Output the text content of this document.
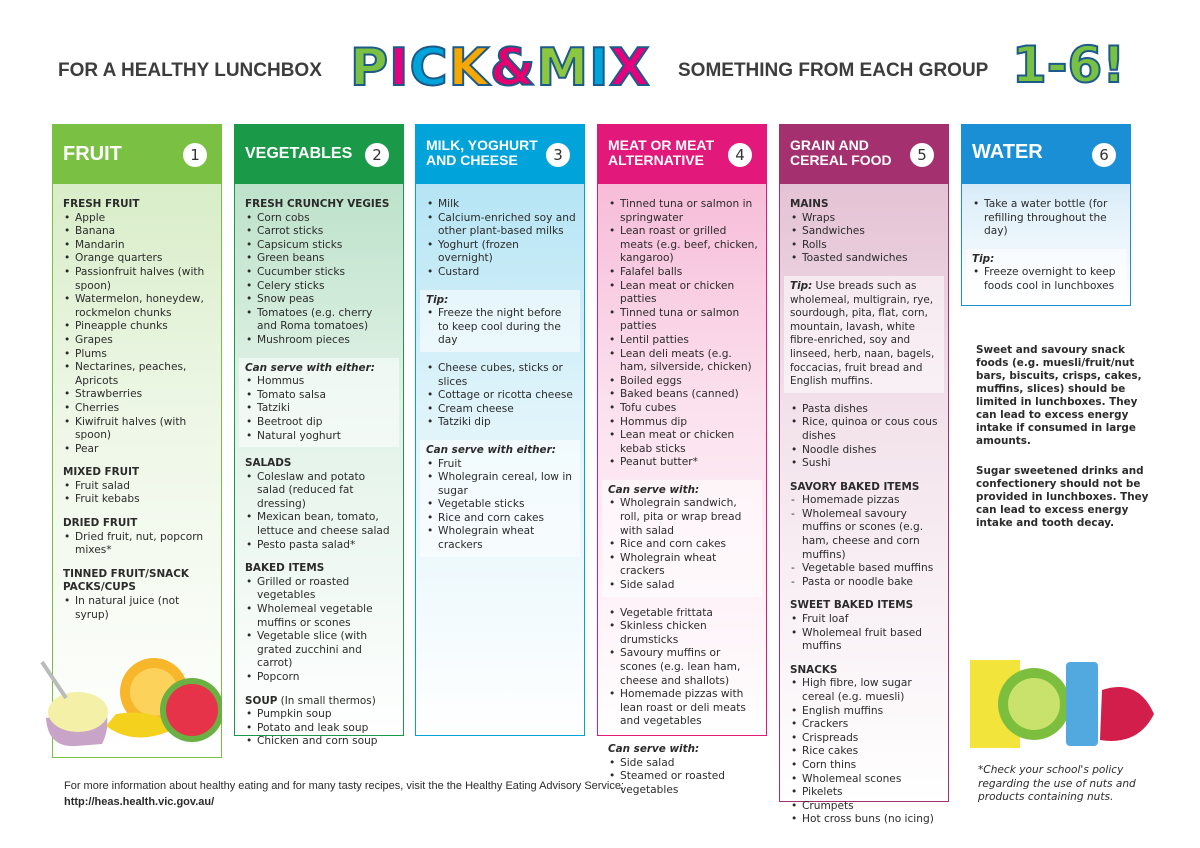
FOR A HEALTHY LUNCHBOX PICK&MIX SOMETHING FROM EACH GROUP 1-6!
FRUIT	1
FRESH FRUIT
• Apple
• Banana
• Mandarin
• Orange quarters
• Passionfruit halves (with spoon)
• Watermelon, honeydew, rockmelon chunks
• Pineapple chunks
• Grapes
• Plums
• Nectarines, peaches, Apricots
• Strawberries
• Cherries
• Kiwifruit halves (with spoon)
• Pear
MIXED FRUIT
• Fruit salad
• Fruit kebabs
DRIED FRUIT
• Dried fruit, nut, popcorn mixes*
TINNED FRUIT/SNACK PACKS/CUPS
• In natural juice (not syrup)
VEGETABLES	2
FRESH CRUNCHY VEGIES
• Corn cobs
• Carrot sticks
• Capsicum sticks
• Green beans
• Cucumber sticks
• Celery sticks
• Snow peas
• Tomatoes (e.g. cherry and Roma tomatoes)
• Mushroom pieces
Can serve with either:
• Hommus
• Tomato salsa
• Tatziki
• Beetroot dip
• Natural yoghurt
SALADS
• Coleslaw and potato salad (reduced fat dressing)
• Mexican bean, tomato, lettuce and cheese salad
• Pesto pasta salad*
BAKED ITEMS
• Grilled or roasted vegetables
• Wholemeal vegetable muffins or scones
• Vegetable slice (with grated zucchini and carrot)
• Popcorn
SOUP (In small thermos)
• Pumpkin soup
• Potato and leak soup
• Chicken and corn soup
MILK, YOGHURT AND CHEESE	3
• Milk
• Calcium-enriched soy and other plant-based milks
• Yoghurt (frozen overnight)
• Custard
Tip:
• Freeze the night before to keep cool during the day
• Cheese cubes, sticks or slices
• Cottage or ricotta cheese
• Cream cheese
• Tatziki dip
Can serve with either:
• Fruit
• Wholegrain cereal, low in sugar
• Vegetable sticks
• Rice and corn cakes
• Wholegrain wheat crackers
MEAT OR MEAT ALTERNATIVE	4
• Tinned tuna or salmon in springwater
• Lean roast or grilled meats (e.g. beef, chicken, kangaroo)
• Falafel balls
• Lean meat or chicken patties
• Tinned tuna or salmon patties
• Lentil patties
• Lean deli meats (e.g. ham, silverside, chicken)
• Boiled eggs
• Baked beans (canned)
• Tofu cubes
• Hommus dip
• Lean meat or chicken kebab sticks
• Peanut butter*
Can serve with:
• Wholegrain sandwich, roll, pita or wrap bread with salad
• Rice and corn cakes
• Wholegrain wheat crackers
• Side salad
• Vegetable frittata
• Skinless chicken drumsticks
• Savoury muffins or scones (e.g. lean ham, cheese and shallots)
• Homemade pizzas with lean roast or deli meats and vegetables
Can serve with:
• Side salad
• Steamed or roasted vegetables
GRAIN AND CEREAL FOOD	5
MAINS
• Wraps
• Sandwiches
• Rolls
• Toasted sandwiches
Tip: Use breads such as wholemeal, multigrain, rye, sourdough, pita, flat, corn, mountain, lavash, white fibre-enriched, soy and linseed, herb, naan, bagels, foccacias, fruit bread and English muffins.
• Pasta dishes
• Rice, quinoa or cous cous dishes
• Noodle dishes
• Sushi
SAVORY BAKED ITEMS
- Homemade pizzas
- Wholemeal savoury muffins or scones (e.g. ham, cheese and corn muffins)
- Vegetable based muffins
- Pasta or noodle bake
SWEET BAKED ITEMS
• Fruit loaf
• Wholemeal fruit based muffins
SNACKS
• High fibre, low sugar cereal (e.g. muesli)
• English muffins
• Crackers
• Crispreads
• Rice cakes
• Corn thins
• Wholemeal scones
• Pikelets
• Crumpets
• Hot cross buns (no icing)
WATER	6
• Take a water bottle (for refilling throughout the day)
Tip:
• Freeze overnight to keep foods cool in lunchboxes
Sweet and savoury snack foods (e.g. muesli/fruit/nut bars, biscuits, crisps, cakes, muffins, slices) should be limited in lunchboxes. They can lead to excess energy intake if consumed in large amounts.
Sugar sweetened drinks and confectionery should not be provided in lunchboxes. They can lead to excess energy intake and tooth decay.
*Check your school's policy regarding the use of nuts and products containing nuts.
For more information about healthy eating and for many tasty recipes, visit the the Healthy Eating Advisory Service:
http://heas.health.vic.gov.au/
